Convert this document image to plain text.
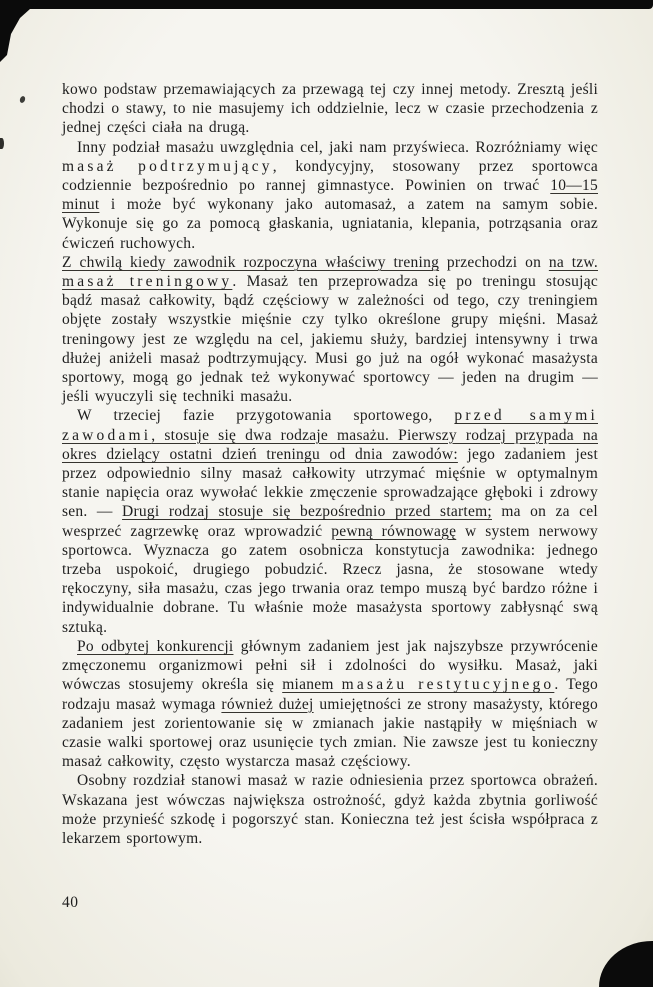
kowo podstaw przemawiających za przewagą tej czy innej metody. Zresztą jeśli chodzi o stawy, to nie masujemy ich oddzielnie, lecz w czasie przechodzenia z jednej części ciała na drugą.

Inny podział masażu uwzględnia cel, jaki nam przyświeca. Rozróżniamy więc masaż podtrzymujący, kondycyjny, stosowany przez sportowca codziennie bezpośrednio po rannej gimnastyce. Powinien on trwać 10—15 minut i może być wykonany jako automasaż, a zatem na samym sobie. Wykonuje się go za pomocą głaskania, ugniatania, klepania, potrząsania oraz ćwiczeń ruchowych.

Z chwilą kiedy zawodnik rozpoczyna właściwy trening przechodzi on na tzw. masaż treningowy. Masaż ten przeprowadza się po treningu stosując bądź masaż całkowity, bądź częściowy w zależności od tego, czy treningiem objęte zostały wszystkie mięśnie czy tylko określone grupy mięśni. Masaż treningowy jest ze względu na cel, jakiemu służy, bardziej intensywny i trwa dłużej aniżeli masaż podtrzymujący. Musi go już na ogół wykonać masażysta sportowy, mogą go jednak też wykonywać sportowcy — jeden na drugim — jeśli wyuczyli się techniki masażu.

W trzeciej fazie przygotowania sportowego, przed samymi zawodami, stosuje się dwa rodzaje masażu. Pierwszy rodzaj przypada na okres dzielący ostatni dzień treningu od dnia zawodów: jego zadaniem jest przez odpowiednio silny masaż całkowity utrzymać mięśnie w optymalnym stanie napięcia oraz wywołać lekkie zmęczenie sprowadzające głęboki i zdrowy sen. — Drugi rodzaj stosuje się bezpośrednio przed startem; ma on za cel wesprzeć zagrzewkę oraz wprowadzić pewną równowagę w system nerwowy sportowca. Wyznacza go zatem osobnicza konstytucja zawodnika: jednego trzeba uspokoić, drugiego pobudzić. Rzecz jasna, że stosowane wtedy rękoczyny, siła masażu, czas jego trwania oraz tempo muszą być bardzo różne i indywidualnie dobrane. Tu właśnie może masażysta sportowy zabłysnąć swą sztuką.

Po odbytej konkurencji głównym zadaniem jest jak najszybsze przywrócenie zmęczonemu organizmowi pełni sił i zdolności do wysiłku. Masaż, jaki wówczas stosujemy określa się mianem masażu restytucyjnego. Tego rodzaju masaż wymaga również dużej umiejętności ze strony masażysty, którego zadaniem jest zorientowanie się w zmianach jakie nastąpiły w mięśniach w czasie walki sportowej oraz usunięcie tych zmian. Nie zawsze jest tu konieczny masaż całkowity, często wystarcza masaż częściowy.

Osobny rozdział stanowi masaż w razie odniesienia przez sportowca obrażeń. Wskazana jest wówczas największa ostrożność, gdyż każda zbytnia gorliwość może przynieść szkodę i pogorszyć stan. Konieczna też jest ścisła współpraca z lekarzem sportowym.

40
